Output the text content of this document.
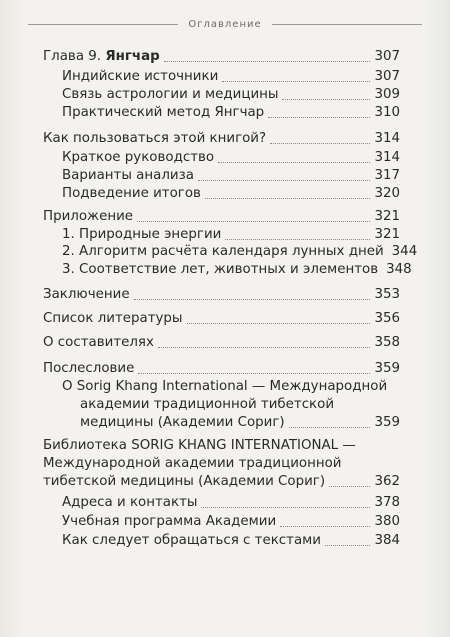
Оглавление
Глава 9. Янгчар	307
Индийские источники	307
Связь астрологии и медицины	309
Практический метод Янгчар	310
Как пользоваться этой книгой?	314
Краткое руководство	314
Варианты анализа	317
Подведение итогов	320
Приложение	321
1. Природные энергии	321
2. Алгоритм расчёта календаря лунных дней 344
3. Соответствие лет, животных и элементов 348
Заключение	353
Список литературы	356
О составителях	358
Послесловие	359
О Sorig Khang International — Международной
академии традиционной тибетской
медицины (Академии Сориг)	359
Библиотека SORIG KHANG INTERNATIONAL —
Международной академии традиционной
тибетской медицины (Академии Сориг)	362
Адреса и контакты	378
Учебная программа Академии	380
Как следует обращаться с текстами	384
